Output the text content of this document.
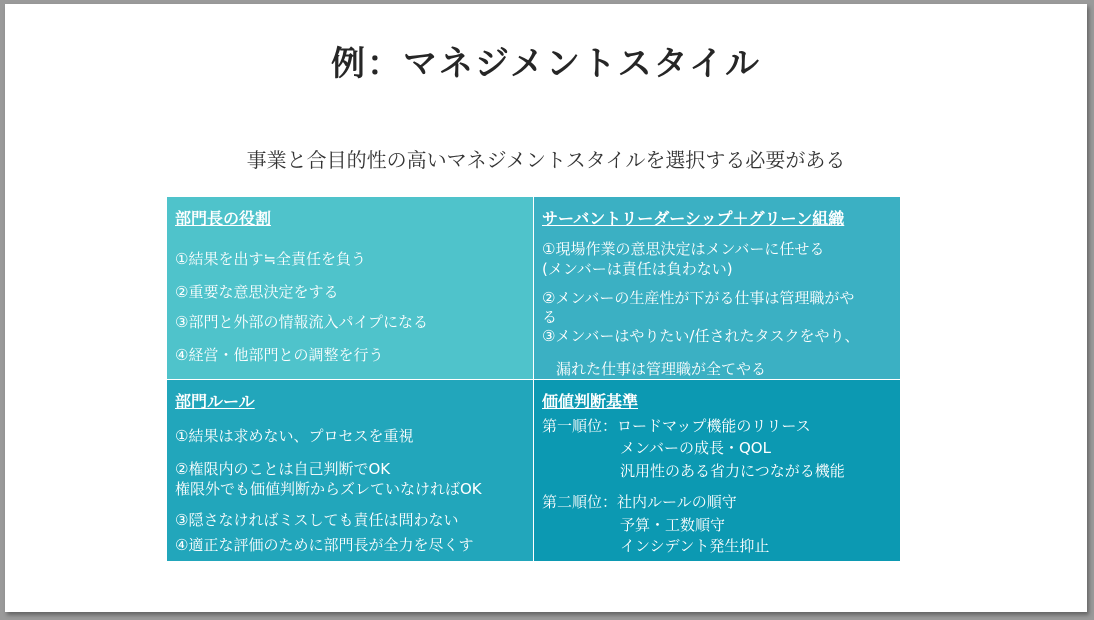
例：マネジメントスタイル
事業と合目的性の高いマネジメントスタイルを選択する必要がある
部門長の役割
①結果を出す≒全責任を負う
②重要な意思決定をする
③部門と外部の情報流入パイプになる
④経営・他部門との調整を行う
サーバントリーダーシップ＋グリーン組織
①現場作業の意思決定はメンバーに任せる
(メンバーは責任は負わない)
②メンバーの生産性が下がる仕事は管理職がや
る
③メンバーはやりたい/任されたタスクをやり、
漏れた仕事は管理職が全てやる
部門ルール
①結果は求めない、プロセスを重視
②権限内のことは自己判断でOK
権限外でも価値判断からズレていなければOK
③隠さなければミスしても責任は問わない
④適正な評価のために部門長が全力を尽くす
価値判断基準
第一順位：ロードマップ機能のリリース
メンバーの成長・QOL
汎用性のある省力につながる機能
第二順位：社内ルールの順守
予算・工数順守
インシデント発生抑止
